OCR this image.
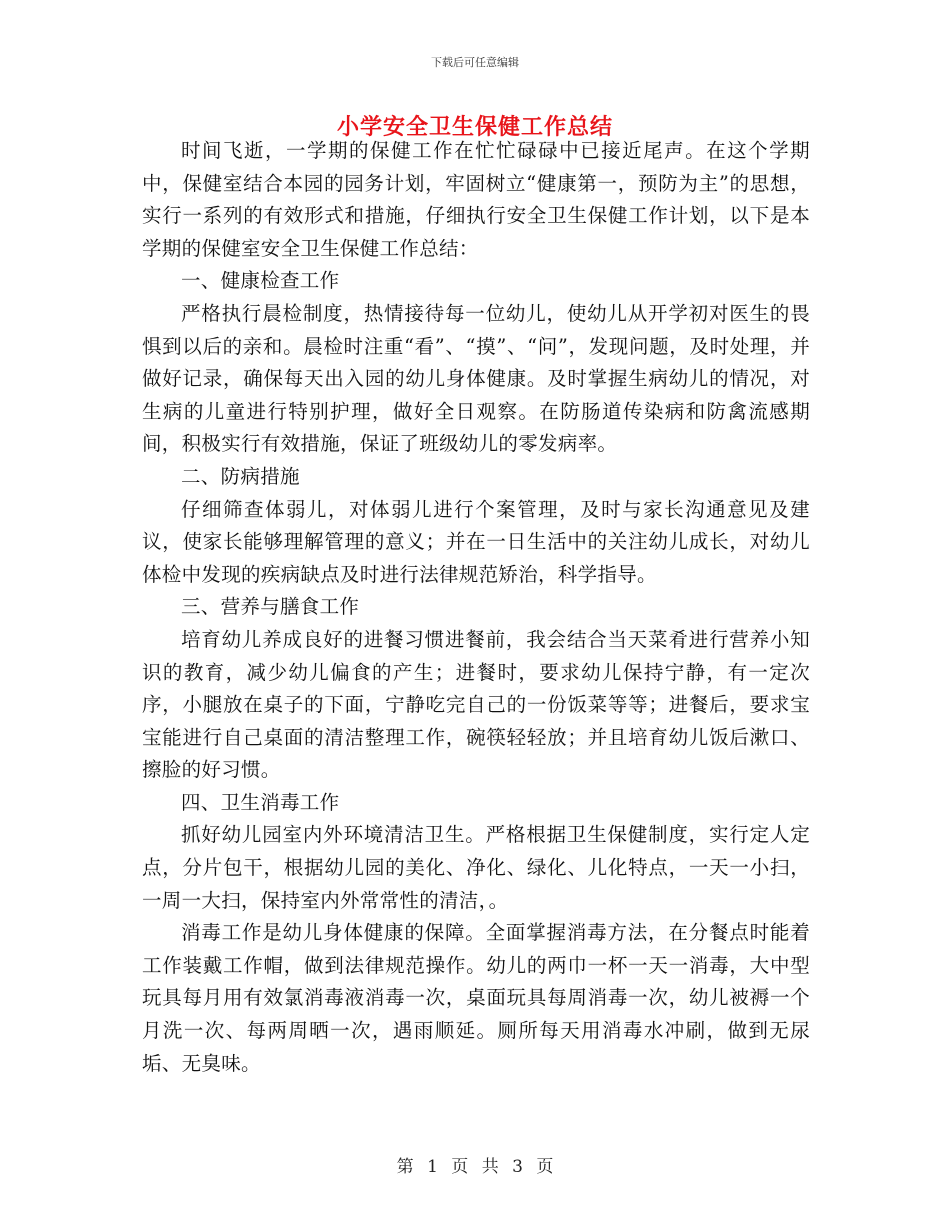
下载后可任意编辑
小学安全卫生保健工作总结

时间飞逝，一学期的保健工作在忙忙碌碌中已接近尾声。在这个学期中，保健室结合本园的园务计划，牢固树立“健康第一，预防为主”的思想，实行一系列的有效形式和措施，仔细执行安全卫生保健工作计划，以下是本学期的保健室安全卫生保健工作总结：

一、健康检查工作

严格执行晨检制度，热情接待每一位幼儿，使幼儿从开学初对医生的畏惧到以后的亲和。晨检时注重“看”、“摸”、“问”，发现问题，及时处理，并做好记录，确保每天出入园的幼儿身体健康。及时掌握生病幼儿的情况，对生病的儿童进行特别护理，做好全日观察。在防肠道传染病和防禽流感期间，积极实行有效措施，保证了班级幼儿的零发病率。

二、防病措施

仔细筛查体弱儿，对体弱儿进行个案管理，及时与家长沟通意见及建议，使家长能够理解管理的意义；并在一日生活中的关注幼儿成长，对幼儿体检中发现的疾病缺点及时进行法律规范矫治，科学指导。

三、营养与膳食工作

培育幼儿养成良好的进餐习惯进餐前，我会结合当天菜肴进行营养小知识的教育，减少幼儿偏食的产生；进餐时，要求幼儿保持宁静，有一定次序，小腿放在桌子的下面，宁静吃完自己的一份饭菜等等；进餐后，要求宝宝能进行自己桌面的清洁整理工作，碗筷轻轻放；并且培育幼儿饭后漱口、擦脸的好习惯。

四、卫生消毒工作

抓好幼儿园室内外环境清洁卫生。严格根据卫生保健制度，实行定人定点，分片包干，根据幼儿园的美化、净化、绿化、儿化特点，一天一小扫，一周一大扫，保持室内外常常性的清洁，。

消毒工作是幼儿身体健康的保障。全面掌握消毒方法，在分餐点时能着工作装戴工作帽，做到法律规范操作。幼儿的两巾一杯一天一消毒，大中型玩具每月用有效氯消毒液消毒一次，桌面玩具每周消毒一次，幼儿被褥一个月洗一次、每两周晒一次，遇雨顺延。厕所每天用消毒水冲刷，做到无尿垢、无臭味。

第 1 页 共 3 页
